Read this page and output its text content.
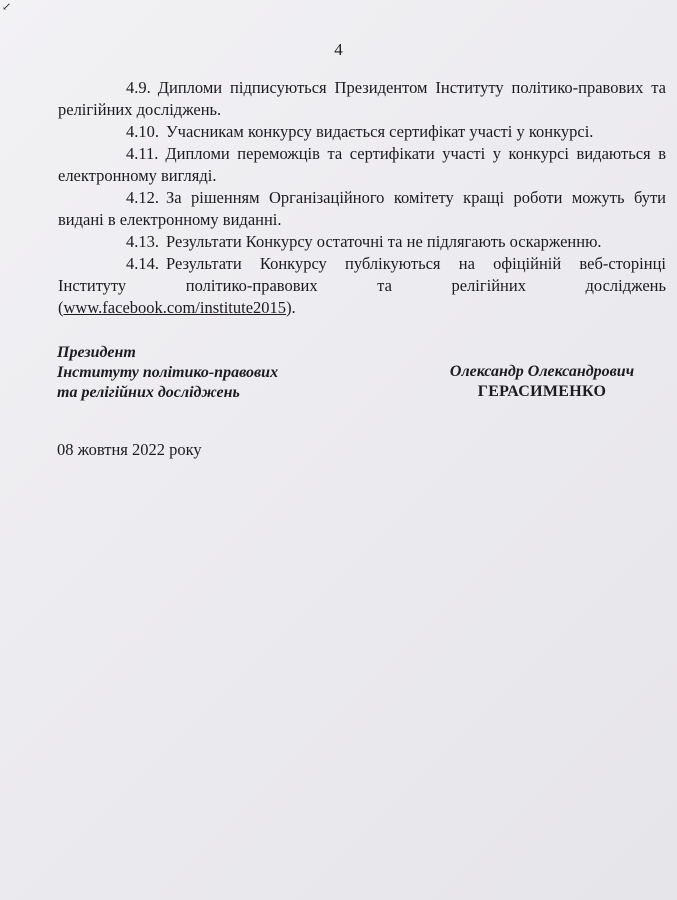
↙
4

4.9. Дипломи підписуються Президентом Інституту політико-правових та релігійних досліджень.

4.10. Учасникам конкурсу видається сертифікат участі у конкурсі.

4.11. Дипломи переможців та сертифікати участі у конкурсі видаються в електронному вигляді.

4.12. За рішенням Організаційного комітету кращі роботи можуть бути видані в електронному виданні.

4.13. Результати Конкурсу остаточні та не підлягають оскарженню.

4.14. Результати Конкурсу публікуються на офіційній веб-сторінці Інституту політико-правових та релігійних досліджень (www.facebook.com/institute2015).

Президент
Інституту політико-правових
та релігійних досліджень
Олександр Олександрович
ГЕРАСИМЕНКО
08 жовтня 2022 року
